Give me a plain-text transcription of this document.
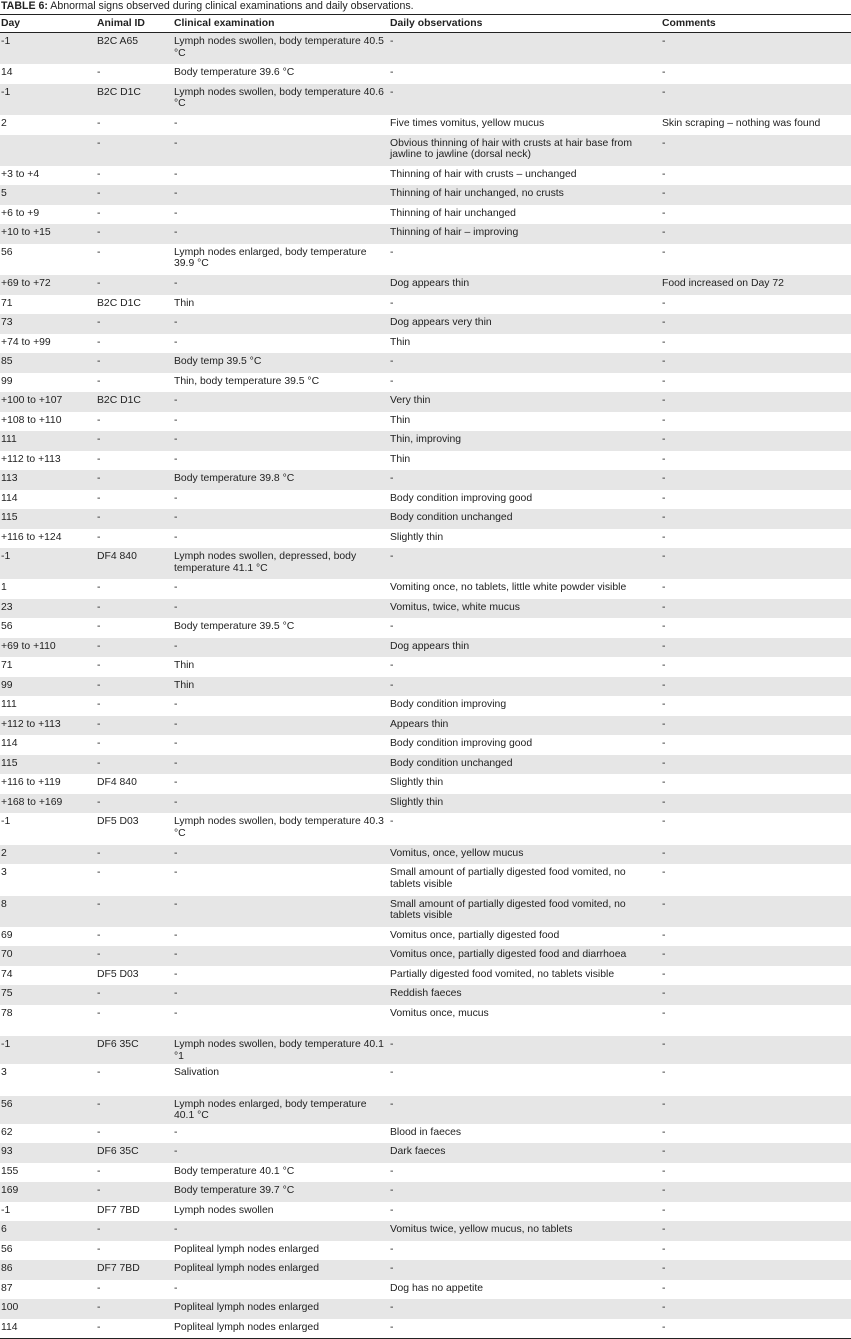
TABLE 6: Abnormal signs observed during clinical examinations and daily observations.
Day	Animal ID	Clinical examination	Daily observations	Comments
-1	B2C A65	Lymph nodes swollen, body temperature 40.5 °C	-	-
14	-	Body temperature 39.6 °C	-	-
-1	B2C D1C	Lymph nodes swollen, body temperature 40.6 °C	-	-
2	-	-	Five times vomitus, yellow mucus	Skin scraping – nothing was found
	-	-	Obvious thinning of hair with crusts at hair base from jawline to jawline (dorsal neck)	-
+3 to +4	-	-	Thinning of hair with crusts – unchanged	-
5	-	-	Thinning of hair unchanged, no crusts	-
+6 to +9	-	-	Thinning of hair unchanged	-
+10 to +15	-	-	Thinning of hair – improving	-
56	-	Lymph nodes enlarged, body temperature 39.9 °C	-	-
+69 to +72	-	-	Dog appears thin	Food increased on Day 72
71	B2C D1C	Thin	-	-
73	-	-	Dog appears very thin	-
+74 to +99	-	-	Thin	-
85	-	Body temp 39.5 °C	-	-
99	-	Thin, body temperature 39.5 °C	-	-
+100 to +107	B2C D1C	-	Very thin	-
+108 to +110	-	-	Thin	-
111	-	-	Thin, improving	-
+112 to +113	-	-	Thin	-
113	-	Body temperature 39.8 °C	-	-
114	-	-	Body condition improving good	-
115	-	-	Body condition unchanged	-
+116 to +124	-	-	Slightly thin	-
-1	DF4 840	Lymph nodes swollen, depressed, body temperature 41.1 °C	-	-
1	-	-	Vomiting once, no tablets, little white powder visible	-
23	-	-	Vomitus, twice, white mucus	-
56	-	Body temperature 39.5 °C	-	-
+69 to +110	-	-	Dog appears thin	-
71	-	Thin	-	-
99	-	Thin	-	-
111	-	-	Body condition improving	-
+112 to +113	-	-	Appears thin	-
114	-	-	Body condition improving good	-
115	-	-	Body condition unchanged	-
+116 to +119	DF4 840	-	Slightly thin	-
+168 to +169	-	-	Slightly thin	-
-1	DF5 D03	Lymph nodes swollen, body temperature 40.3 °C	-	-
2	-	-	Vomitus, once, yellow mucus	-
3	-	-	Small amount of partially digested food vomited, no tablets visible	-
8	-	-	Small amount of partially digested food vomited, no tablets visible	-
69	-	-	Vomitus once, partially digested food	-
70	-	-	Vomitus once, partially digested food and diarrhoea	-
74	DF5 D03	-	Partially digested food vomited, no tablets visible	-
75	-	-	Reddish faeces	-
78	-	-	Vomitus once, mucus	-
-1	DF6 35C	Lymph nodes swollen, body temperature 40.1 °1	-	-
3	-	Salivation	-	-
56	-	Lymph nodes enlarged, body temperature 40.1 °C	-	-
62	-	-	Blood in faeces	-
93	DF6 35C	-	Dark faeces	-
155	-	Body temperature 40.1 °C	-	-
169	-	Body temperature 39.7 °C	-	-
-1	DF7 7BD	Lymph nodes swollen	-	-
6	-	-	Vomitus twice, yellow mucus, no tablets	-
56	-	Popliteal lymph nodes enlarged	-	-
86	DF7 7BD	Popliteal lymph nodes enlarged	-	-
87	-	-	Dog has no appetite	-
100	-	Popliteal lymph nodes enlarged	-	-
114	-	Popliteal lymph nodes enlarged	-	-
